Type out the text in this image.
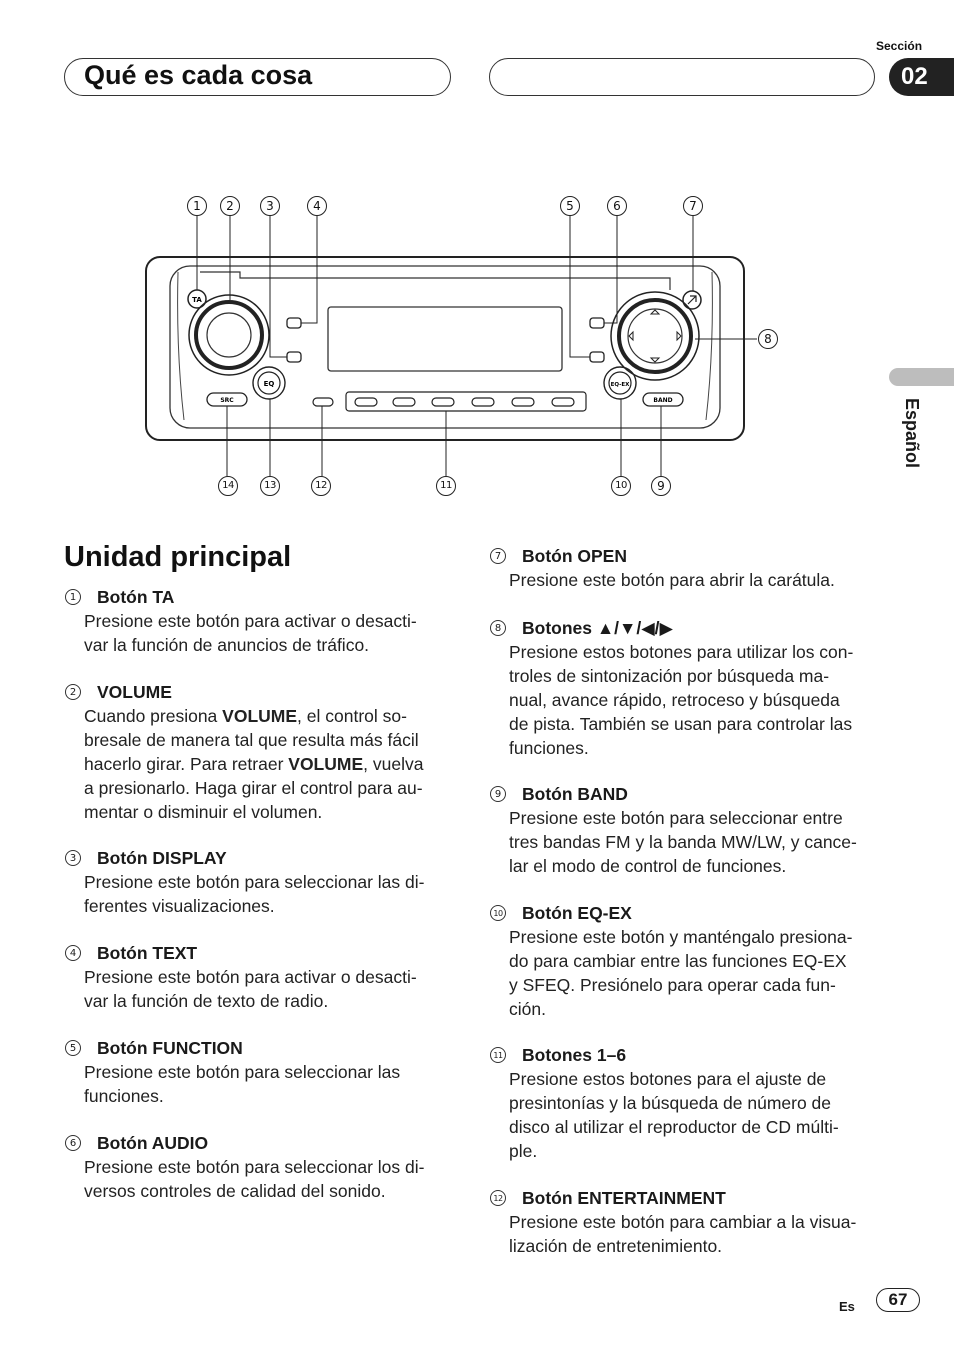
Sección
Qué es cada cosa	02
Español
TA
EQ
SRC
EQ-EX
BAND
1	2	3	4	5	6	7
8
14	13	12	11	10	9
Unidad principal

1 Botón TA

Presione este botón para activar o desacti-
var la función de anuncios de tráfico.

2 VOLUME

Cuando presiona VOLUME, el control so-
bresale de manera tal que resulta más fácil
hacerlo girar. Para retraer VOLUME, vuelva
a presionarlo. Haga girar el control para au-
mentar o disminuir el volumen.

3 Botón DISPLAY

Presione este botón para seleccionar las di-
ferentes visualizaciones.

4 Botón TEXT

Presione este botón para activar o desacti-
var la función de texto de radio.

5 Botón FUNCTION

Presione este botón para seleccionar las
funciones.

6 Botón AUDIO

Presione este botón para seleccionar los di-
versos controles de calidad del sonido.

7 Botón OPEN

Presione este botón para abrir la carátula.

8 Botones ▲/▼/◀/▶

Presione estos botones para utilizar los con-
troles de sintonización por búsqueda ma-
nual, avance rápido, retroceso y búsqueda
de pista. También se usan para controlar las
funciones.

9 Botón BAND

Presione este botón para seleccionar entre
tres bandas FM y la banda MW/LW, y cance-
lar el modo de control de funciones.

10 Botón EQ-EX

Presione este botón y manténgalo presiona-
do para cambiar entre las funciones EQ-EX
y SFEQ. Presiónelo para operar cada fun-
ción.

11 Botones 1–6

Presione estos botones para el ajuste de
presintonías y la búsqueda de número de
disco al utilizar el reproductor de CD múlti-
ple.

12 Botón ENTERTAINMENT

Presione este botón para cambiar a la visua-
lización de entretenimiento.
Es	67
